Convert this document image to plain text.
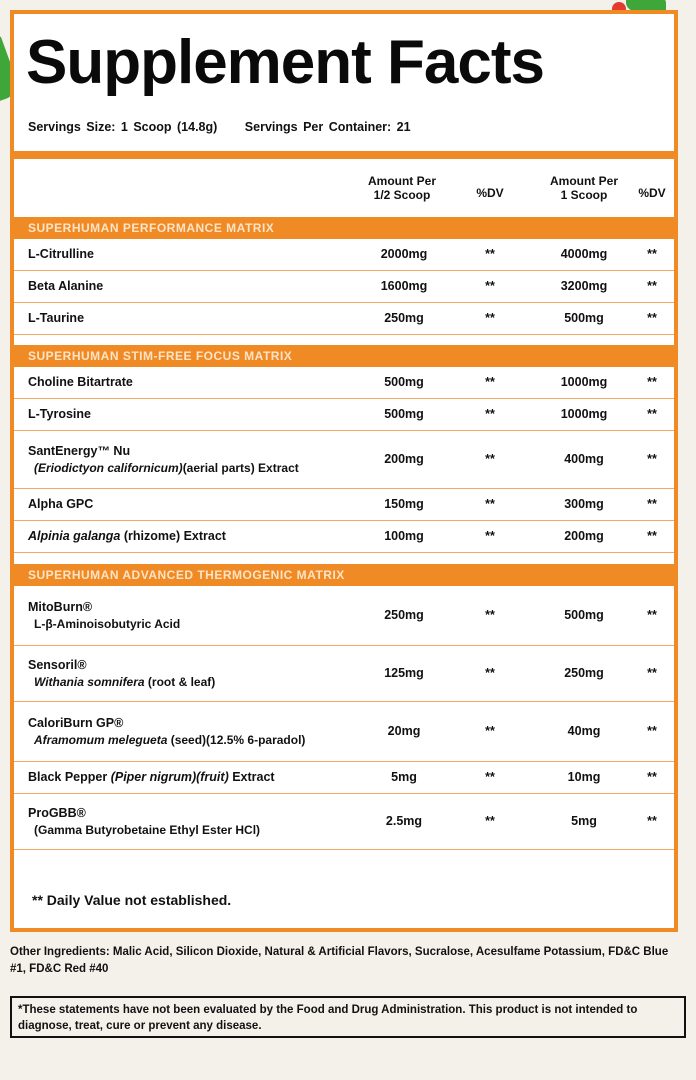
Supplement Facts
Servings Size: 1 Scoop (14.8g) Servings Per Container: 21
Amount Per
1/2 Scoop	%DV
Amount Per
1 Scoop	%DV
SUPERHUMAN PERFORMANCE MATRIX
L-Citrulline	2000mg	**	4000mg	**
Beta Alanine	1600mg	**	3200mg	**
L-Taurine	250mg	**	500mg	**
SUPERHUMAN STIM-FREE FOCUS MATRIX
Choline Bitartrate	500mg	**	1000mg	**
L-Tyrosine	500mg	**	1000mg	**
SantEnergy™ Nu
(Eriodictyon californicum)(aerial parts) Extract
200mg	**	400mg	**
Alpha GPC	150mg	**	300mg	**
Alpinia galanga (rhizome) Extract	100mg	**	200mg	**
SUPERHUMAN ADVANCED THERMOGENIC MATRIX
MitoBurn®
L-β-Aminoisobutyric Acid
250mg	**	500mg	**
Sensoril®
Withania somnifera (root & leaf)
125mg	**	250mg	**
CaloriBurn GP®
Aframomum melegueta (seed)(12.5% 6-paradol)
20mg	**	40mg	**
Black Pepper (Piper nigrum)(fruit) Extract	5mg	**	10mg	**
ProGBB®
(Gamma Butyrobetaine Ethyl Ester HCl)
2.5mg	**	5mg	**
** Daily Value not established.
Other Ingredients: Malic Acid, Silicon Dioxide, Natural & Artificial Flavors, Sucralose, Acesulfame Potassium, FD&C Blue #1, FD&C Red #40
*These statements have not been evaluated by the Food and Drug Administration. This product is not intended to diagnose, treat, cure or prevent any disease.
